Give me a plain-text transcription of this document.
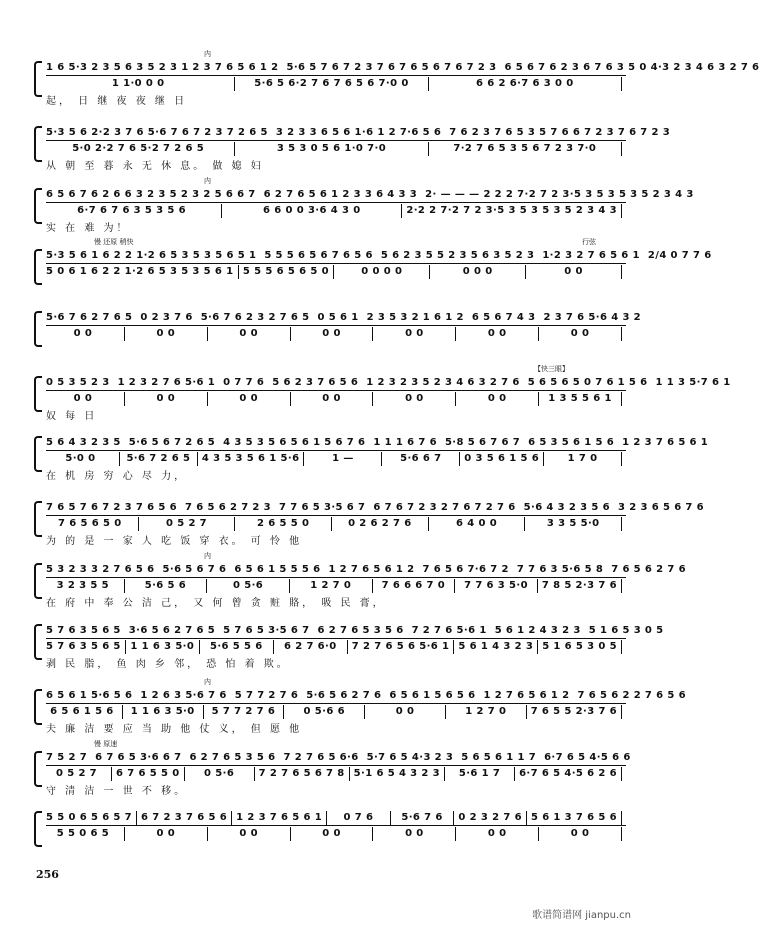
内
1 6 5·3 2 3 5 6 3 5 2 3 1 2 3 7 6 5 6 1 2 5·6 5 7 6 7 2 3 7 6 7 6 5 6 7 6 7 2 3 6 5 6 7 6 2 3 6 7 6 3 5 0 4·3 2 3 4 6 3 2 7 6
1 1·0 0 0	5·6 5 6·2 7 6 7 6 5 6 7·0 0	6 6 2 6·7 6 3 0 0
起， 日 继 夜 夜 继 日
5·3 5 6 2·2 3 7 6 5·6 7 6 7 2 3 7 2 6 5 3 2 3 3 6 5 6 1·6 1 2 7·6 5 6 7 6 2 3 7 6 5 3 5 7 6 6 7 2 3 7 6 7 2 3
5·0 2·2 7 6 5·2 7 2 6 5	3 5 3 0 5 6 1·0 7·0	7·2 7 6 5 3 5 6 7 2 3 7·0
从 朝 至 暮 永 无 休 息。 做 媳 妇
内
6 5 6 7 6 2 6 6 3 2 3 5 2 3 2 5 6 6 7 6 2 7 6 5 6 1 2 3 3 6 4 3 3 2· — — — 2 2 2 7·2 7 2 3·5 3 5 3 5 3 5 2 3 4 3
6·7 6 7 6 3 5 3 5 6	6 6 0 0 3·6 4 3 0	2·2 2 7·2 7 2 3·5 3 5 3 5 3 5 2 3 4 3
实 在 难 为！
慢 还原 稍快	行弦
5·3 5 6 1 6 2 2 1·2 6 5 3 5 3 5 6 5 1 5 5 5 6 5 6 7 6 5 6 5 6 2 3 5 5 2 3 5 6 3 5 2 3 1·2 3 2 7 6 5 6 1 2/4 0 7 7 6
5 0 6 1 6 2 2 1·2 6 5 3 5 3 5 6 1 5 5 5 6 5 6 5 0	0 0 0 0	0 0 0	0 0
5·6 7 6 2 7 6 5 0 2 3 7 6 5·6 7 6 2 3 2 7 6 5 0 5 6 1 2 3 5 3 2 1 6 1 2 6 5 6 7 4 3 2 3 7 6 5·6 4 3 2
0 0	0 0	0 0	0 0	0 0	0 0	0 0
【快三眼】
0 5 3 5 2 3 1 2 3 2 7 6 5·6 1 0 7 7 6 5 6 2 3 7 6 5 6 1 2 3 2 3 5 2 3 4 6 3 2 7 6 5 6 5 6 5 0 7 6 1 5 6 1 1 3 5·7 6 1
0 0	0 0	0 0	0 0	0 0	0 0	1 3 5 5 6 1
奴 每 日
5 6 4 3 2 3 5 5·6 5 6 7 2 6 5 4 3 5 3 5 6 5 6 1 5 6 7 6 1 1 1 6 7 6 5·8 5 6 7 6 7 6 5 3 5 6 1 5 6 1 2 3 7 6 5 6 1
5·0 0	5·6 7 2 6 5 4 3 5 3 5 6 1 5·6	1 —	5·6 6 7	0 3 5 6 1 5 6	1 7 0
在 机 房 穷 心 尽 力，
7 6 5 7 6 7 2 3 7 6 5 6 7 6 5 6 2 7 2 3 7 7 6 5 3·5 6 7 6 7 6 7 2 3 2 7 6 7 2 7 6 5·6 4 3 2 3 5 6 3 2 3 6 5 6 7 6
7 6 5 6 5 0	0 5 2 7	2 6 5 5 0	0 2 6 2 7 6	6 4 0 0	3 3 5 5·0
为 的 是 一 家 人 吃 饭 穿 衣。 可 怜 他
内
5 3 2 3 3 2 7 6 5 6 5·6 5 6 7 6 6 5 6 1 5 5 5 6 1 2 7 6 5 6 1 2 7 6 5 6 7·6 7 2 7 7 6 3 5·6 5 8 7 6 5 6 2 7 6
3 2 3 5 5	5·6 5 6	0 5·6	1 2 7 0	7 6 6 6 7 0	7 7 6 3 5·0	7 8 5 2·3 7 6
在 府 中 奉 公 洁 己， 又 何 曾 贪 赃 賂， 吸 民 膏，
5 7 6 3 5 6 5 3·6 5 6 2 7 6 5 5 7 6 5 3·5 6 7 6 2 7 6 5 3 5 6 7 2 7 6 5·6 1 5 6 1 2 4 3 2 3 5 1 6 5 3 0 5
5 7 6 3 5 6 5 1 1 6 3 5·0	5·6 5 5 6	6 2 7 6·0	7 2 7 6 5 6 5·6 1 5 6 1 4 3 2 3 5 1 6 5 3 0 5
剥 民 脂， 鱼 肉 乡 邻， 恐 怕 着 欺。
内
6 5 6 1 5·6 5 6 1 2 6 3 5·6 7 6 5 7 7 2 7 6 5·6 5 6 2 7 6 6 5 6 1 5 6 5 6 1 2 7 6 5 6 1 2 7 6 5 6 2 2 7 6 5 6
6 5 6 1 5 6	1 1 6 3 5·0	5 7 7 2 7 6	0 5·6 6	0 0	1 2 7 0	7 6 5 5 2·3 7 6
夫 廉 洁 要 应 当 助 他 仗 义， 但 愿 他
慢 原速
7 5 2 7 6 7 6 5 3·6 6 7 6 2 7 6 5 3 5 6 7 2 7 6 5 6·6 5·7 6 5 4·3 2 3 5 6 5 6 1 1 7 6·7 6 5 4·5 6 6
0 5 2 7	6 7 6 5 5 0	0 5·6	7 2 7 6 5 6 7 8 5·1 6 5 4 3 2 3	5·6 1 7	6·7 6 5 4·5 6 2 6
守 清 洁 一 世 不 移。
5 5 0 6 5 6 5 7 6 7 2 3 7 6 5 6 1 2 3 7 6 5 6 1	0 7 6	5·6 7 6	0 2 3 2 7 6 5 6 1 3 7 6 5 6
5 5 0 6 5	0 0	0 0	0 0	0 0	0 0	0 0
256
歌谱简谱网 jianpu.cn
